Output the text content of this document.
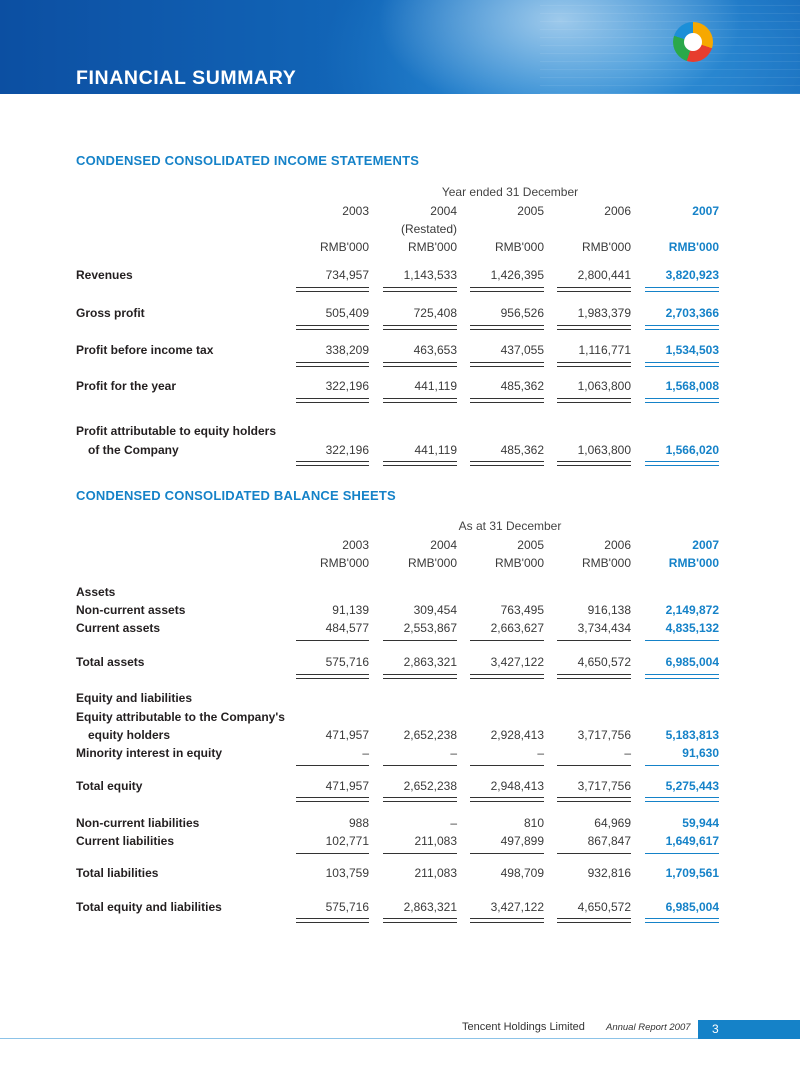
FINANCIAL SUMMARY
CONDENSED CONSOLIDATED INCOME STATEMENTS
Year ended 31 December
2003	2004	2005	2006	2007
(Restated)
RMB'000	RMB'000	RMB'000	RMB'000	RMB'000
Revenues	734,957	1,143,533	1,426,395	2,800,441	3,820,923
Gross profit	505,409	725,408	956,526	1,983,379	2,703,366
Profit before income tax	338,209	463,653	437,055	1,116,771	1,534,503
Profit for the year	322,196	441,119	485,362	1,063,800	1,568,008
Profit attributable to equity holders
of the Company	322,196	441,119	485,362	1,063,800	1,566,020
CONDENSED CONSOLIDATED BALANCE SHEETS
As at 31 December
2003	2004	2005	2006	2007
RMB'000	RMB'000	RMB'000	RMB'000	RMB'000
Assets
Non-current assets	91,139	309,454	763,495	916,138	2,149,872
Current assets	484,577	2,553,867	2,663,627	3,734,434	4,835,132
Total assets	575,716	2,863,321	3,427,122	4,650,572	6,985,004
Equity and liabilities
Equity attributable to the Company's
equity holders	471,957	2,652,238	2,928,413	3,717,756	5,183,813
Minority interest in equity	–	–	–	–	91,630
Total equity	471,957	2,652,238	2,948,413	3,717,756	5,275,443
Non-current liabilities	988	–	810	64,969	59,944
Current liabilities	102,771	211,083	497,899	867,847	1,649,617
Total liabilities	103,759	211,083	498,709	932,816	1,709,561
Total equity and liabilities	575,716	2,863,321	3,427,122	4,650,572	6,985,004
Tencent Holdings Limited Annual Report 2007 3
